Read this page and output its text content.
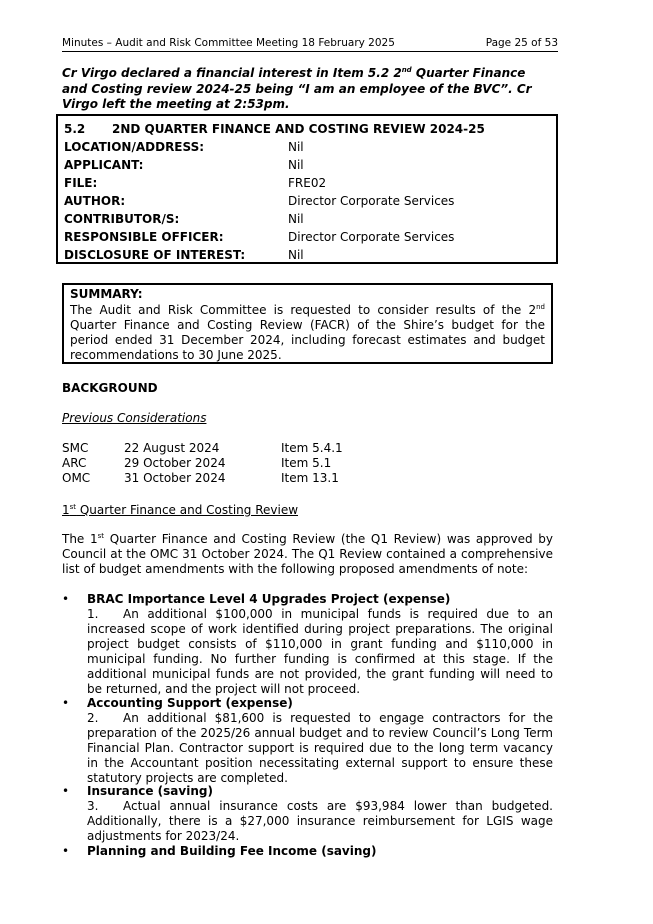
Minutes – Audit and Risk Committee Meeting 18 February 2025	Page 25 of 53
Cr Virgo declared a financial interest in Item 5.2 2nd Quarter Finance and Costing review 2024-25 being “I am an employee of the BVC”. Cr Virgo left the meeting at 2:53pm.
5.2 2ND QUARTER FINANCE AND COSTING REVIEW 2024-25
LOCATION/ADDRESS:	Nil
APPLICANT:	Nil
FILE:	FRE02
AUTHOR:	Director Corporate Services
CONTRIBUTOR/S:	Nil
RESPONSIBLE OFFICER:	Director Corporate Services
DISCLOSURE OF INTEREST:	Nil
SUMMARY:

The Audit and Risk Committee is requested to consider results of the 2nd Quarter Finance and Costing Review (FACR) of the Shire’s budget for the period ended 31 December 2024, including forecast estimates and budget recommendations to 30 June 2025.

BACKGROUND
Previous Considerations
SMC	22 August 2024	Item 5.4.1
ARC	29 October 2024	Item 5.1
OMC	31 October 2024	Item 13.1
1st Quarter Finance and Costing Review
The 1st Quarter Finance and Costing Review (the Q1 Review) was approved by Council at the OMC 31 October 2024. The Q1 Review contained a comprehensive list of budget amendments with the following proposed amendments of note:
• BRAC Importance Level 4 Upgrades Project (expense)
1. An additional $100,000 in municipal funds is required due to an increased scope of work identified during project preparations. The original project budget consists of $110,000 in grant funding and $110,000 in municipal funding. No further funding is confirmed at this stage. If the additional municipal funds are not provided, the grant funding will need to be returned, and the project will not proceed.
• Accounting Support (expense)
2. An additional $81,600 is requested to engage contractors for the preparation of the 2025/26 annual budget and to review Council’s Long Term Financial Plan. Contractor support is required due to the long term vacancy in the Accountant position necessitating external support to ensure these statutory projects are completed.
• Insurance (saving)
3. Actual annual insurance costs are $93,984 lower than budgeted. Additionally, there is a $27,000 insurance reimbursement for LGIS wage adjustments for 2023/24.
• Planning and Building Fee Income (saving)
